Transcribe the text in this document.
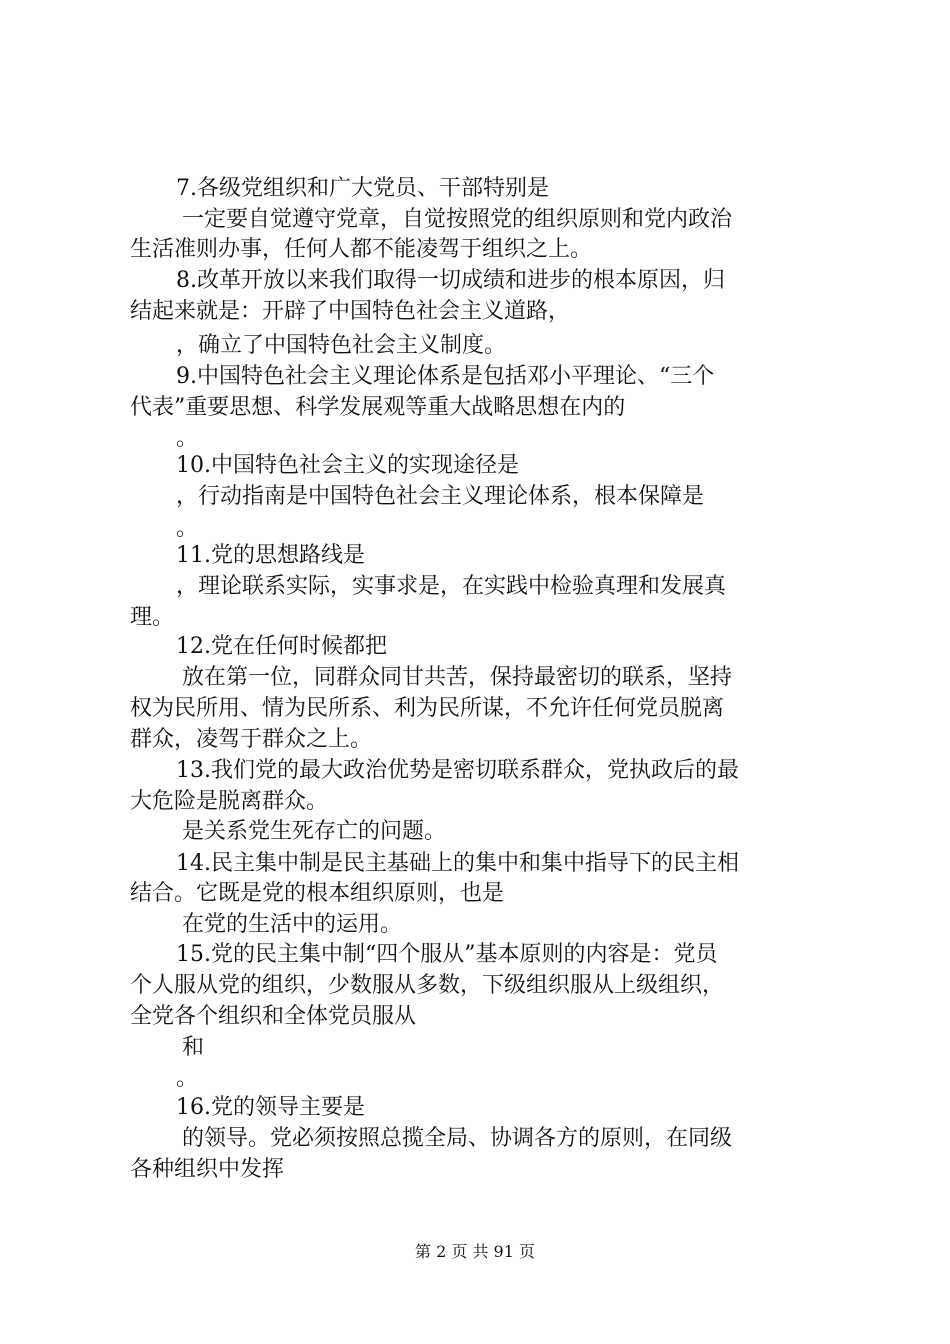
7.各级党组织和广大党员、干部特别是
一定要自觉遵守党章，自觉按照党的组织原则和党内政治
生活准则办事，任何人都不能凌驾于组织之上。
8.改革开放以来我们取得一切成绩和进步的根本原因，归
结起来就是：开辟了中国特色社会主义道路，
，确立了中国特色社会主义制度。
9.中国特色社会主义理论体系是包括邓小平理论、“三个
代表”重要思想、科学发展观等重大战略思想在内的
。
10.中国特色社会主义的实现途径是
，行动指南是中国特色社会主义理论体系，根本保障是
。
11.党的思想路线是
，理论联系实际，实事求是，在实践中检验真理和发展真
理。
12.党在任何时候都把
放在第一位，同群众同甘共苦，保持最密切的联系，坚持
权为民所用、情为民所系、利为民所谋，不允许任何党员脱离
群众，凌驾于群众之上。
13.我们党的最大政治优势是密切联系群众，党执政后的最
大危险是脱离群众。
是关系党生死存亡的问题。
14.民主集中制是民主基础上的集中和集中指导下的民主相
结合。它既是党的根本组织原则，也是
在党的生活中的运用。
15.党的民主集中制“四个服从”基本原则的内容是：党员
个人服从党的组织，少数服从多数，下级组织服从上级组织，
全党各个组织和全体党员服从
和
。
16.党的领导主要是
的领导。党必须按照总揽全局、协调各方的原则，在同级
各种组织中发挥
第 2 页 共 91 页
